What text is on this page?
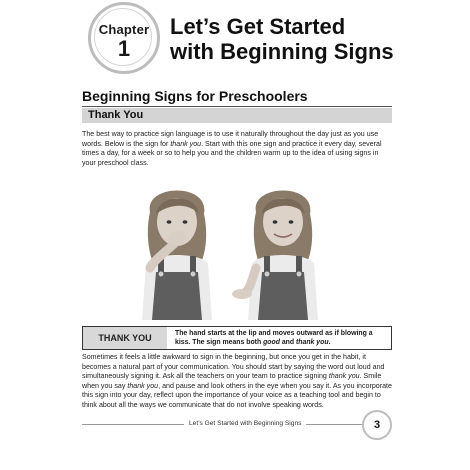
Chapter
1
Let’s Get Started
with Beginning Signs
Beginning Signs for Preschoolers
Thank You

The best way to practice sign language is to use it naturally throughout the day just as you use words. Below is the sign for thank you. Start with this one sign and practice it every day, several times a day, for a week or so to help you and the children warm up to the idea of using signs in your preschool class.

THANK YOU	The hand starts at the lip and moves outward as if blowing a kiss. The sign means both good and thank you.

Sometimes it feels a little awkward to sign in the beginning, but once you get in the habit, it becomes a natural part of your communication. You should start by saying the word out loud and simultaneously signing it. Ask all the teachers on your team to practice signing thank you. Smile when you say thank you, and pause and look others in the eye when you say it. As you incorporate this sign into your day, reflect upon the importance of your voice as a teaching tool and begin to think about all the ways we communicate that do not involve speaking words.

Let’s Get Started with Beginning Signs	3
